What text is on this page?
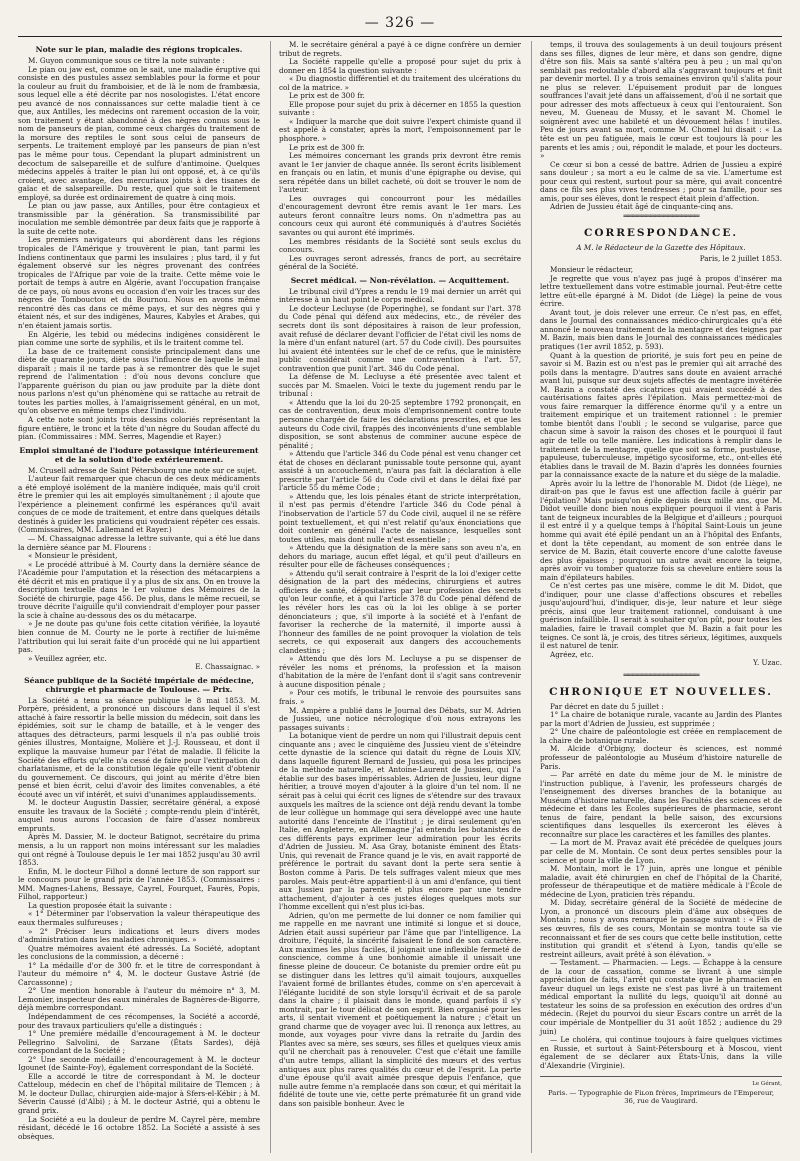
— 326 —
Note sur le pian, maladie des régions tropicales.

M. Guyon communique sous ce titre la note suivante :

Le pian ou jaw est, comme on le sait, une maladie éruptive qui consiste en des pustules assez semblables pour la forme et pour la couleur au fruit du framboisier, et de là le nom de frambæsia, sous lequel elle a été décrite par nos nosologistes. L'état encore peu avancé de nos connaissances sur cette maladie tient à ce que, aux Antilles, les médecins ont rarement occasion de la voir, son traitement y étant abandonné à des nègres connus sous le nom de panseurs de pian, comme ceux chargés du traitement de la morsure des reptiles le sont sous celui de panseurs de serpents. Le traitement employé par les panseurs de pian n'est pas le même pour tous. Cependant la plupart administrent un decoctum de salsepareille et de sulfure d'antimoine. Quelques médecins appelés à traiter le pian lui ont opposé, et, à ce qu'ils croient, avec avantage, des mercuriaux joints à des tisanes de gaïac et de salsepareille. Du reste, quel que soit le traitement employé, sa durée est ordinairement de quatre à cinq mois.

Le pian ou jaw passe, aux Antilles, pour être contagieux et transmissible par la génération. Sa transmissibilité par inoculation me semble démontrée par deux faits que je rapporte à la suite de cette note.

Les premiers navigateurs qui abordèrent dans les régions tropicales de l'Amérique y trouvèrent le pian, tant parmi les Indiens continentaux que parmi les insulaires ; plus tard, il y fut également observé sur les nègres provenant des contrées tropicales de l'Afrique par voie de la traite. Cette même voie le portait de temps à autre en Algérie, avant l'occupation française de ce pays, où nous avons eu occasion d'en voir les traces sur des nègres de Tombouctou et du Bournou. Nous en avons même rencontré dès cas dans ce même pays, et sur des nègres qui y étaient nés, et sur des indigènes, Maures, Kabyles et Arabes, qui n'en étaient jamais sortis.

En Algérie, les tebid ou médecins indigènes considèrent le pian comme une sorte de syphilis, et ils le traitent comme tel.

La base de ce traitement consiste principalement dans une diète de quarante jours, diète sous l'influence de laquelle le mal disparaît ; mais il ne tarde pas à se remontrer dès que le sujet reprend de l'alimentation : d'où nous devons conclure que l'apparente guérison du pian ou jaw produite par la diète dont nous parlons n'est qu'un phénomène qui se rattache au retrait de toutes les parties molles, à l'amaigrissement général, en un mot, qu'on observe en même temps chez l'individu.

A cette note sont joints trois dessins coloriés représentant la figure entière, le tronc et la tête d'un nègre du Soudan affecté du pian. (Commissaires : MM. Serres, Magendie et Rayer.)

Emploi simultané de l'iodure potassique intérieurement et de la solution d'iode extérieurement.

M. Crusell adresse de Saint Pétersbourg une note sur ce sujet.

L'auteur fait remarquer que chacun de ces deux médicaments a été employé isolément de la manière indiquée, mais qu'il croit être le premier qui les ait employés simultanément ; il ajoute que l'expérience a pleinement confirmé les espérances qu'il avait conçues de ce mode de traitement, et entre dans quelques détails destinés à guider les praticiens qui voudraient répéter ces essais. (Commissaires, MM. Lallemand et Rayer.)

— M. Chassaignac adresse la lettre suivante, qui a été lue dans la dernière séance par M. Flourens :

« Monsieur le président,

« Le procédé attribué à M. Courty dans la dernière séance de l'Académie pour l'amputation et la résection des métacarpiens a été décrit et mis en pratique il y a plus de six ans. On en trouve la description textuelle dans le 1er volume des Mémoires de la Société de chirurgie, page 456. De plus, dans le même recueil, se trouve décrite l'aiguille qu'il conviendrait d'employer pour passer la scie à chaîne au-dessous des os du métacarpe.

» Je ne doute pas qu'une fois cette citation vérifiée, la loyauté bien connue de M. Courty ne le porte à rectifier de lui-même l'attribution qui lui serait faite d'un procédé qui ne lui appartient pas.

» Veuillez agréer, etc.

E. Chassaignac. »
Séance publique de la Société impériale de médecine, chirurgie et pharmacie de Toulouse. — Prix.

La Société a tenu sa séance publique le 8 mai 1853. M. Porpère, président, a prononcé un discours dans lequel il s'est attaché à faire ressortir la belle mission du médecin, soit dans les épidémies, soit sur le champ de bataille, et à le venger des attaques des détracteurs, parmi lesquels il n'a pas oublié trois génies illustres, Montaigne, Molière et J.-J. Rousseau, et dont il explique la mauvaise humeur par l'état de maladie. Il félicite la Société des efforts qu'elle n'a cessé de faire pour l'extirpation du charlatanisme, et de la constitution légale qu'elle vient d'obtenir du gouvernement. Ce discours, qui joint au mérite d'être bien pensé et bien écrit, celui d'avoir des limites convenables, a été écouté avec un vif intérêt, et suivi d'unanimes applaudissements.

M. le docteur Augustin Dassier, secrétaire général, a exposé ensuite les travaux de la Société ; compte-rendu plein d'intérêt, auquel nous aurons l'occasion de faire d'assez nombreux emprunts.

Après M. Dassier, M. le docteur Batignot, secrétaire du prima mensis, a lu un rapport non moins intéressant sur les maladies qui ont régné à Toulouse depuis le 1er mai 1852 jusqu'au 30 avril 1853.

Enfin, M. le docteur Filhol a donné lecture de son rapport sur le concours pour le grand prix de l'année 1853. (Commissaires : MM. Magnes-Lahens, Bessaye, Cayrel, Fourquet, Faurès, Popis, Filhol, rapporteur.)

La question proposée était la suivante :

« 1° Déterminer par l'observation la valeur thérapeutique des eaux thermales sulfureuses ;

» 2° Préciser leurs indications et leurs divers modes d'administration dans les maladies chroniques. »

Quatre mémoires avaient été adressés. La Société, adoptant les conclusions de la commission, a décerné :

1° La médaille d'or de 300 fr. et le titre de correspondant à l'auteur du mémoire n° 4, M. le docteur Gustave Astrié (de Carcassonne) ;

2° Une mention honorable à l'auteur du mémoire n° 3, M. Lemonier, inspecteur des eaux minérales de Bagnères-de-Bigorre, déjà membre correspondant.

Indépendamment de ces récompenses, la Société a accordé, pour des travaux particuliers qu'elle a distingués :

1° Une première médaille d'encouragement à M. le docteur Pellegrino Salvolini, de Sarzane (États Sardes), déjà correspondant de la Société ;

2° Une seconde médaille d'encouragement à M. le docteur Igounet (de Sainte-Foy), également correspondant de la Société.

Elle a accordé le titre de correspondant à M. le docteur Catteloup, médecin en chef de l'hôpital militaire de Tlemcen ; à M. le docteur Dullac, chirurgien aide-major à Sfers-el-Kébir ; à M. Séverin Caussé (d'Albi) ; à M. le docteur Astrié, qui a obtenu le grand prix.

La Société a eu la douleur de perdre M. Cayrel père, membre résidant, décédé le 16 octobre 1852. La Société a assisté à ses obsèques.

M. le secrétaire général a payé à ce digne confrère un dernier tribut de regrets.

La Société rappelle qu'elle a proposé pour sujet du prix à donner en 1854 la question suivante :

« Du diagnostic différentiel et du traitement des ulcérations du col de la matrice. »

Le prix est de 300 fr.

Elle propose pour sujet du prix à décerner en 1855 la question suivante :

« Indiquer la marche que doit suivre l'expert chimiste quand il est appelé à constater, après la mort, l'empoisonnement par le phosphore. »

Le prix est de 300 fr.

Les mémoires concernant les grands prix devront être remis avant le 1er janvier de chaque année. Ils seront écrits lisiblement en français ou en latin, et munis d'une épigraphe ou devise, qui sera répétée dans un billet cacheté, où doit se trouver le nom de l'auteur.

Les ouvrages qui concourront pour les médailles d'encouragement devront être remis avant le 1er mars. Les auteurs feront connaître leurs noms. On n'admettra pas au concours ceux qui auront été communiqués à d'autres Sociétés savantes ou qui auront été imprimés.

Les membres résidants de la Société sont seuls exclus du concours.

Les ouvrages seront adressés, francs de port, au secrétaire général de la Société.

Secret médical. — Non-révélation. — Acquittement.

Le tribunal civil d'Ypres a rendu le 19 mai dernier un arrêt qui intéresse à un haut point le corps médical.

Le docteur Lecluyse (de Poperinghe), se fondant sur l'art. 378 du Code pénal qui défend aux médecins, etc., de révéler des secrets dont ils sont dépositaires à raison de leur profession, avait refusé de déclarer devant l'officier de l'état civil les noms de la mère d'un enfant naturel (art. 57 du Code civil). Des poursuites lui avaient été intentées sur le chef de ce refus, que le ministère public considérait comme une contravention à l'art. 57, contravention que punit l'art. 346 du Code pénal.

La défense de M. Lecluyse a été présentée avec talent et succès par M. Smaelen. Voici le texte du jugement rendu par le tribunal :

« Attendu que la loi du 20-25 septembre 1792 prononçait, en cas de contravention, deux mois d'emprisonnement contre toute personne chargée de faire les déclarations prescrites, et que les auteurs du Code civil, frappés des inconvénients d'une semblable disposition, se sont abstenus de comminer aucune espèce de pénalité ;

» Attendu que l'article 346 du Code pénal est venu changer cet état de choses en déclarant punissable toute personne qui, ayant assisté à un accouchement, n'aura pas fait la déclaration à elle prescrite par l'article 56 du Code civil et dans le délai fixé par l'article 55 du même Code ;

» Attendu que, les lois pénales étant de stricte interprétation, il n'est pas permis d'étendre l'article 346 du Code pénal à l'inobservation de l'article 57 du Code civil, auquel il ne se réfère point textuellement, et qui n'est relatif qu'aux énonciations que doit contenir en général l'acte de naissance, lesquelles sont toutes utiles, mais dont nulle n'est essentielle ;

» Attendu que la désignation de la mère sans son aveu n'a, en dehors du mariage, aucun effet légal, et qu'il peut d'ailleurs en résulter pour elle de fâcheuses conséquences ;

» Attendu qu'il serait contraire à l'esprit de la loi d'exiger cette désignation de la part des médecins, chirurgiens et autres officiers de santé, dépositaires par leur profession des secrets qu'on leur confie, et à qui l'article 378 du Code pénal défend de les révéler hors les cas où la loi les oblige à se porter dénonciateurs ; que, s'il importe à la société et à l'enfant de favoriser la recherche de la maternité, il importe aussi à l'honneur des familles de ne point provoquer la violation de tels secrets, ce qui exposerait aux dangers des accouchements clandestins ;

» Attendu que dès lors M. Lecluyse a pu se dispenser de révéler les noms et prénoms, la profession et la maison d'habitation de la mère de l'enfant dont il s'agit sans contrevenir à aucune disposition pénale ;

» Pour ces motifs, le tribunal le renvoie des poursuites sans frais. »

M. Ampère a publié dans le Journal des Débats, sur M. Adrien de Jussieu, une notice nécrologique d'où nous extrayons les passages suivants :

La botanique vient de perdre un nom qui l'illustrait depuis cent cinquante ans ; avec le cinquième des Jussieu vient de s'éteindre cette dynastie de la science qui datait du règne de Louis XIV, dans laquelle figurent Bernard de Jussieu, qui posa les principes de la méthode naturelle, et Antoine-Laurent de Jussieu, qui l'a établie sur des bases impérissables. Adrien de Jussieu, leur digne héritier, a trouvé moyen d'ajouter à la gloire d'un tel nom. Il ne sérait pas à celui qui écrit ces lignes de s'étendre sur des travaux auxquels les maîtres de la science ont déjà rendu devant la tombe de leur collègue un hommage qui sera développé avec une haute autorité dans l'enceinte de l'Institut ; je dirai seulement qu'en Italie, en Angleterre, en Allemagne j'ai entendu les botanistes de ces différents pays exprimer leur admiration pour les écrits d'Adrien de Jussieu. M. Asa Gray, botaniste éminent des États-Unis, qui revenait de France quand je le vis, en avait rapporté de préférence le portrait du savant dont la perte sera sentie à Boston comme à Paris. De tels suffrages valent mieux que mes paroles. Mais peut-être appartient-il à un ami d'enfance, qui tient aux Jussieu par la parenté et plus encore par une tendre attachement, d'ajouter à ces justes éloges quelques mots sur l'homme excellent qui n'est plus ici-bas.

Adrien, qu'on me permette de lui donner ce nom familier qui me rappelle en me navrant une intimité si longue et si douce, Adrien était aussi supérieur par l'âme que par l'intelligence. La droiture, l'équité, la sincérité faisaient le fond de son caractère. Aux maximes les plus faciles, il joignait une inflexible fermeté de conscience, comme à une bonhomie aimable il unissait une finesse pleine de douceur. Ce botaniste du premier ordre eût pu se distinguer dans les lettres qu'il aimait toujours, auxquelles l'avaient formé de brillantes études, comme on s'en apercevait à l'élégante lucidité de son style lorsqu'il écrivait et de sa parole dans la chaire ; il plaisait dans le monde, quand parfois il s'y montrait, par le tour délicat de son esprit. Bien organisé pour les arts, il sentait vivement et poétiquement la nature ; c'était un grand charme que de voyager avec lui. Il renonça aux lettres, au monde, aux voyages pour vivre dans la retraite du Jardin des Plantes avec sa mère, ses sœurs, ses filles et quelques vieux amis qu'il ne cherchait pas à renouveler. C'est que c'était une famille d'un autre temps, alliant la simplicité des mœurs et des vertus antiques aux plus rares qualités du cœur et de l'esprit. La perte d'une épouse qu'il avait aimée presque depuis l'enfance, que nulle autre femme n'a remplacée dans son cœur, et qui méritait la fidélité de toute une vie, cette perte prématurée fit un grand vide dans son paisible bonheur. Avec le

temps, il trouva des soulagements à un deuil toujours présent dans ses filles, dignes de leur mère, et dans son gendre, digne d'être son fils. Mais sa santé s'altéra peu à peu ; un mal qu'on semblait pas redoutable d'abord alla s'aggravant toujours et finit par devenir mortel. Il y a trois semaines environ qu'il s'alita pour ne plus se relever. L'épuisement produit par de longues souffrances l'avait jeté dans un affaissement, d'où il ne sortait que pour adresser des mots affectueux à ceux qui l'entouraient. Son neveu, M. Gueneau de Mussy, et le savant M. Chomel le soignèrent avec une habileté et un dévouement hélas ! inutiles. Peu de jours avant sa mort, comme M. Chomel lui disait : « La tête est un peu fatiguée, mais le cœur est toujours là pour les parents et les amis ; oui, répondit le malade, et pour les docteurs. »

Ce cœur si bon a cessé de battre. Adrien de Jussieu a expiré sans douleur ; sa mort a eu le calme de sa vie. L'amertume est pour ceux qui restent, surtout pour sa mère, qui avait concentré dans ce fils ses plus vives tendresses ; pour sa famille, pour ses amis, pour ses élèves, dont le respect était plein d'affection.

Adrien de Jussieu était âgé de cinquante-cinq ans.

═════════════════
CORRESPONDANCE.
A M. le Rédacteur de la Gazette des Hôpitaux.
Paris, le 2 juillet 1853.

Monsieur le rédacteur,

Je regrette que vous n'ayez pas jugé à propos d'insérer ma lettre textuellement dans votre estimable journal. Peut-être cette lettre eût-elle épargné à M. Didot (de Liège) la peine de vous écrire.

Avant tout, je dois relever une erreur. Ce n'est pas, en effet, dans le Journal des connaissances médico-chirurgicales qu'a été annoncé le nouveau traitement de la mentagre et des teignes par M. Bazin, mais bien dans le Journal des connaissances médicales pratiques (1er avril 1852, p. 593).

Quant à la question de priorité, je suis fort peu en peine de savoir si M. Bazin est ou n'est pas le premier qui ait arraché des poils dans la mentagre. D'autres sans doute en avaient arraché avant lui, puisque sur deux sujets affectés de mentagre invétérée M. Bazin a constaté des cicatrices qui avaient succédé à des cautérisations faites après l'épilation. Mais permettez-moi de vous faire remarquer la différence énorme qu'il y a entre un traitement empirique et un traitement rationnel : le premier tombe bientôt dans l'oubli ; le second se vulgarise, parce que chacun sime à savoir la raison des choses et le pourquoi il faut agir de telle ou telle manière. Les indications à remplir dans le traitement de la mentagre, quelle que soit sa forme, pustuleuse, papuleuse, tuberculeuse, impétigo sycosiforme, etc., ont-elles été établies dans le travail de M. Bazin d'après les données fournies par la connaissance exacte de la nature et du siège de la maladie.

Après avoir lu la lettre de l'honorable M. Didot (de Liège), ne dirait-on pas que le favus est une affection facile à guérir par l'épilation? Mais puisqu'on épile depuis deux mille ans, que M. Didot veuille donc bien nous expliquer pourquoi il vient à Paris tant de teigneux incurables de la Belgique et d'ailleurs ; pourquoi il est entré il y a quelque temps à l'hôpital Saint-Louis un jeune homme qui avait été épilé pendant un an à l'hôpital des Enfants, et dont la tête cependant, au moment de son entrée dans le service de M. Bazin, était couverte encore d'une calotte faveuse des plus épaisses ; pourquoi un autre avait encore la teigne, après avoir vu tomber quatorze fois sa chevelure entière sous la main d'épilateurs habiles.

Ce n'est certes pas une misère, comme le dit M. Didot, que d'indiquer, pour une classe d'affections obscures et rebelles jusqu'aujourd'hui, d'indiquer, dis-je, leur nature et leur siège précis, ainsi que leur traitement rationnel, conduisant à une guérison infaillible. Il serait à souhaiter qu'on pût, pour toutes les maladies, faire le travail complet que M. Bazin a fait pour les teignes. Ce sont là, je crois, des titres sérieux, légitimes, auxquels il est naturel de tenir.

Agréez, etc.

Y. Uzac.
═════════════════
CHRONIQUE ET NOUVELLES.

Par décret en date du 5 juillet :

1° La chaire de botanique rurale, vacante au Jardin des Plantes par la mort d'Adrien de Jussieu, est supprimée ;

2° Une chaire de paléontologie est créée en remplacement de la chaire de botanique rurale.

M. Alcide d'Orbigny, docteur ès sciences, est nommé professeur de paléontologie au Muséum d'histoire naturelle de Paris.

— Par arrêté en date du même jour de M. le ministre de l'instruction publique, à l'avenir, les professeurs chargés de l'enseignement des diverses branches de la botanique au Muséum d'histoire naturelle, dans les Facultés des sciences et de médecine et dans les Écoles supérieures de pharmacie, seront tenus de faire, pendant la belle saison, des excursions scientifiques dans lesquelles ils exerceront les élèves à reconnaître sur place les caractères et les familles des plantes.

— La mort de M. Pravaz avait été précédée de quelques jours par celle de M. Montain. Ce sont deux pertes sensibles pour la science et pour la ville de Lyon.

M. Montain, mort le 17 juin, après une longue et pénible maladie, avait été chirurgien en chef de l'hôpital de la Charité, professeur de thérapeutique et de matière médicale à l'École de médecine de Lyon, praticien très répandu.

M. Diday, secrétaire général de la Société de médecine de Lyon, a prononcé un discours plein d'âme aux obsèques de Montain ; nous y avons remarqué le passage suivant : « Fils de ses œuvres, fils de ses cours, Montain se montra toute sa vie reconnaissant et fier de ses cours que cette belle institution, cette institution qui grandit et s'étend à Lyon, tandis qu'elle se restreint ailleurs, avait prêté à son élévation. »

— Testament. — Pharmacien. — Legs. — Échappe à la censure de la cour de cassation, comme se livrant à une simple appréciation de faits, l'arrêt qui constate que le pharmacien en faveur duquel un legs existe ne s'est pas livré à un traitement médical emportant la nullité du legs, quoiqu'il ait donné au testateur les soins de sa profession en exécution des ordres d'un médecin. (Rejet du pourvoi du sieur Escars contre un arrêt de la cour impériale de Montpellier du 31 août 1852 ; audience du 29 juin)

— Le choléra, qui continue toujours à faire quelques victimes en Russie, et surtout à Saint-Pétersbourg et à Moscou, vient également de se déclarer aux États-Unis, dans la ville d'Alexandrie (Virginie).

Le Gérant,
Paris. — Typographie de Fiʟon frères, Imprimeurs de l'Empereur,
36, rue de Vaugirard.
